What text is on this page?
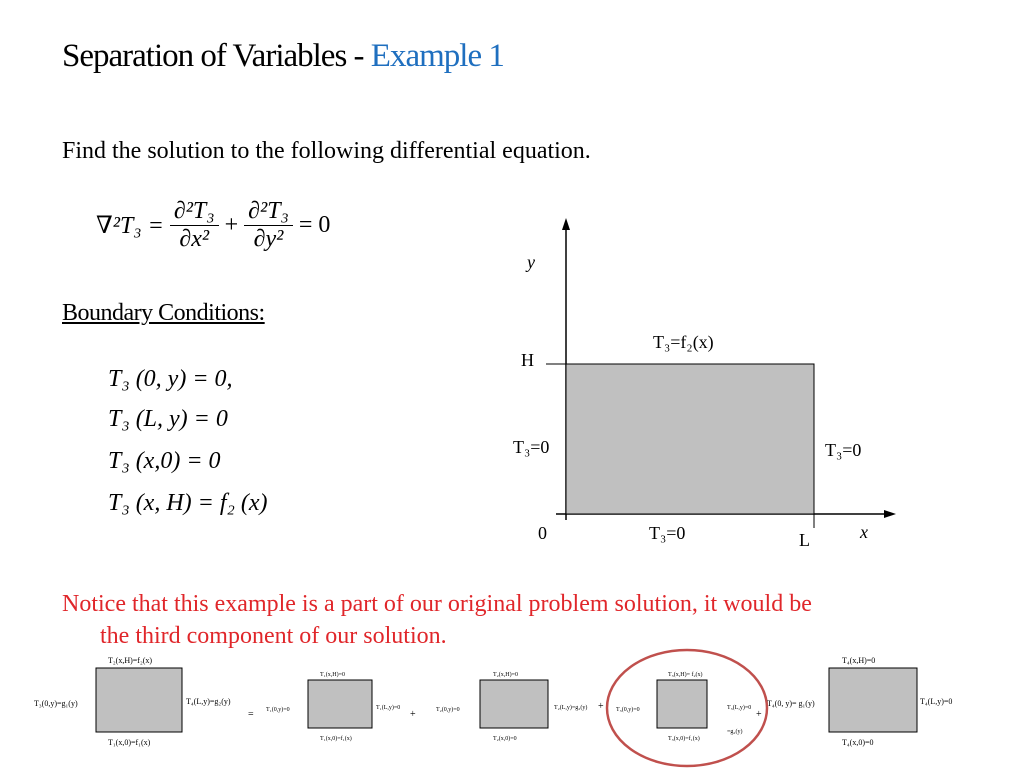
Separation of Variables - Example 1
Find the solution to the following differential equation.
$\nabla^2T_3 = \frac{\text{∂²T₃}}{\text{∂x²}} + \frac{\text{∂²T₃}}{\text{∂y²}} = 0$
Boundary Conditions:
T₃ (0, y) = 0,
T₃ (L, y) = 0
T₃ (x,0) = 0
T₃ (x, H) = f₂ (x)
y
x
T₃=f₂(x)
H
T₃=0	T₃=0
0	T₃=0	L
Notice that this example is a part of our original problem solution, it would be
the third component of our solution.
T₂(x,H)=f₂(x)
T₃(0,y)=g₁(y)	T₄(L,y)=g₂(y)
T₁(x,0)=f₁(x)
=
T₁(x,H)=0
T₁(0,y)=0	T₁(L,y)=0
T₁(x,0)=f₁(x)
+
T₂(x,H)=0
T₂(0,y)=0	T₂(L,y)=g₂(y)
T₂(x,0)=0
+
T₃(x,H)= f₂(x)
T₃(0,y)=0	T₃(L,y)=0
=g₂(y)
T₃(x,0)=f₁(x)
+
T₄(x,H)=0
T₄(0, y)= g₁(y)	T₄(L,y)=0
T₄(x,0)=0
